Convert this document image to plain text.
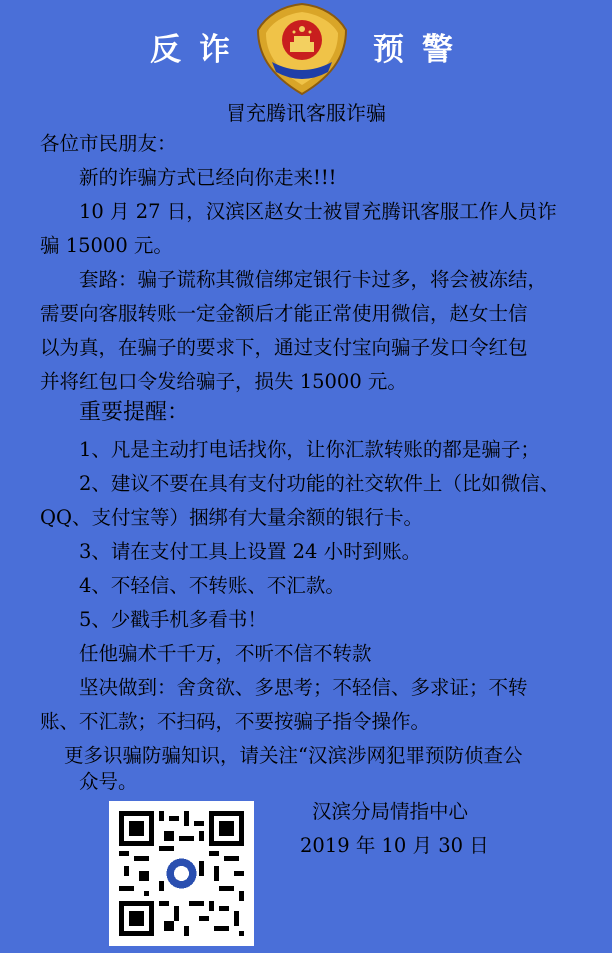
反诈	预警
冒充腾讯客服诈骗
各位市民朋友：
新的诈骗方式已经向你走来!!!
10 月 27 日，汉滨区赵女士被冒充腾讯客服工作人员诈
骗 15000 元。
套路：骗子谎称其微信绑定银行卡过多，将会被冻结，
需要向客服转账一定金额后才能正常使用微信，赵女士信
以为真，在骗子的要求下，通过支付宝向骗子发口令红包
并将红包口令发给骗子，损失 15000 元。
重要提醒：
1、凡是主动打电话找你，让你汇款转账的都是骗子；
2、建议不要在具有支付功能的社交软件上（比如微信、
QQ、支付宝等）捆绑有大量余额的银行卡。
3、请在支付工具上设置 24 小时到账。
4、不轻信、不转账、不汇款。
5、少戳手机多看书！
任他骗术千千万，不听不信不转款
坚决做到：舍贪欲、多思考；不轻信、多求证；不转
账、不汇款；不扫码，不要按骗子指令操作。
更多识骗防骗知识，请关注“汉滨涉网犯罪预防侦查公
众号。
汉滨分局情指中心
2019 年 10 月 30 日
